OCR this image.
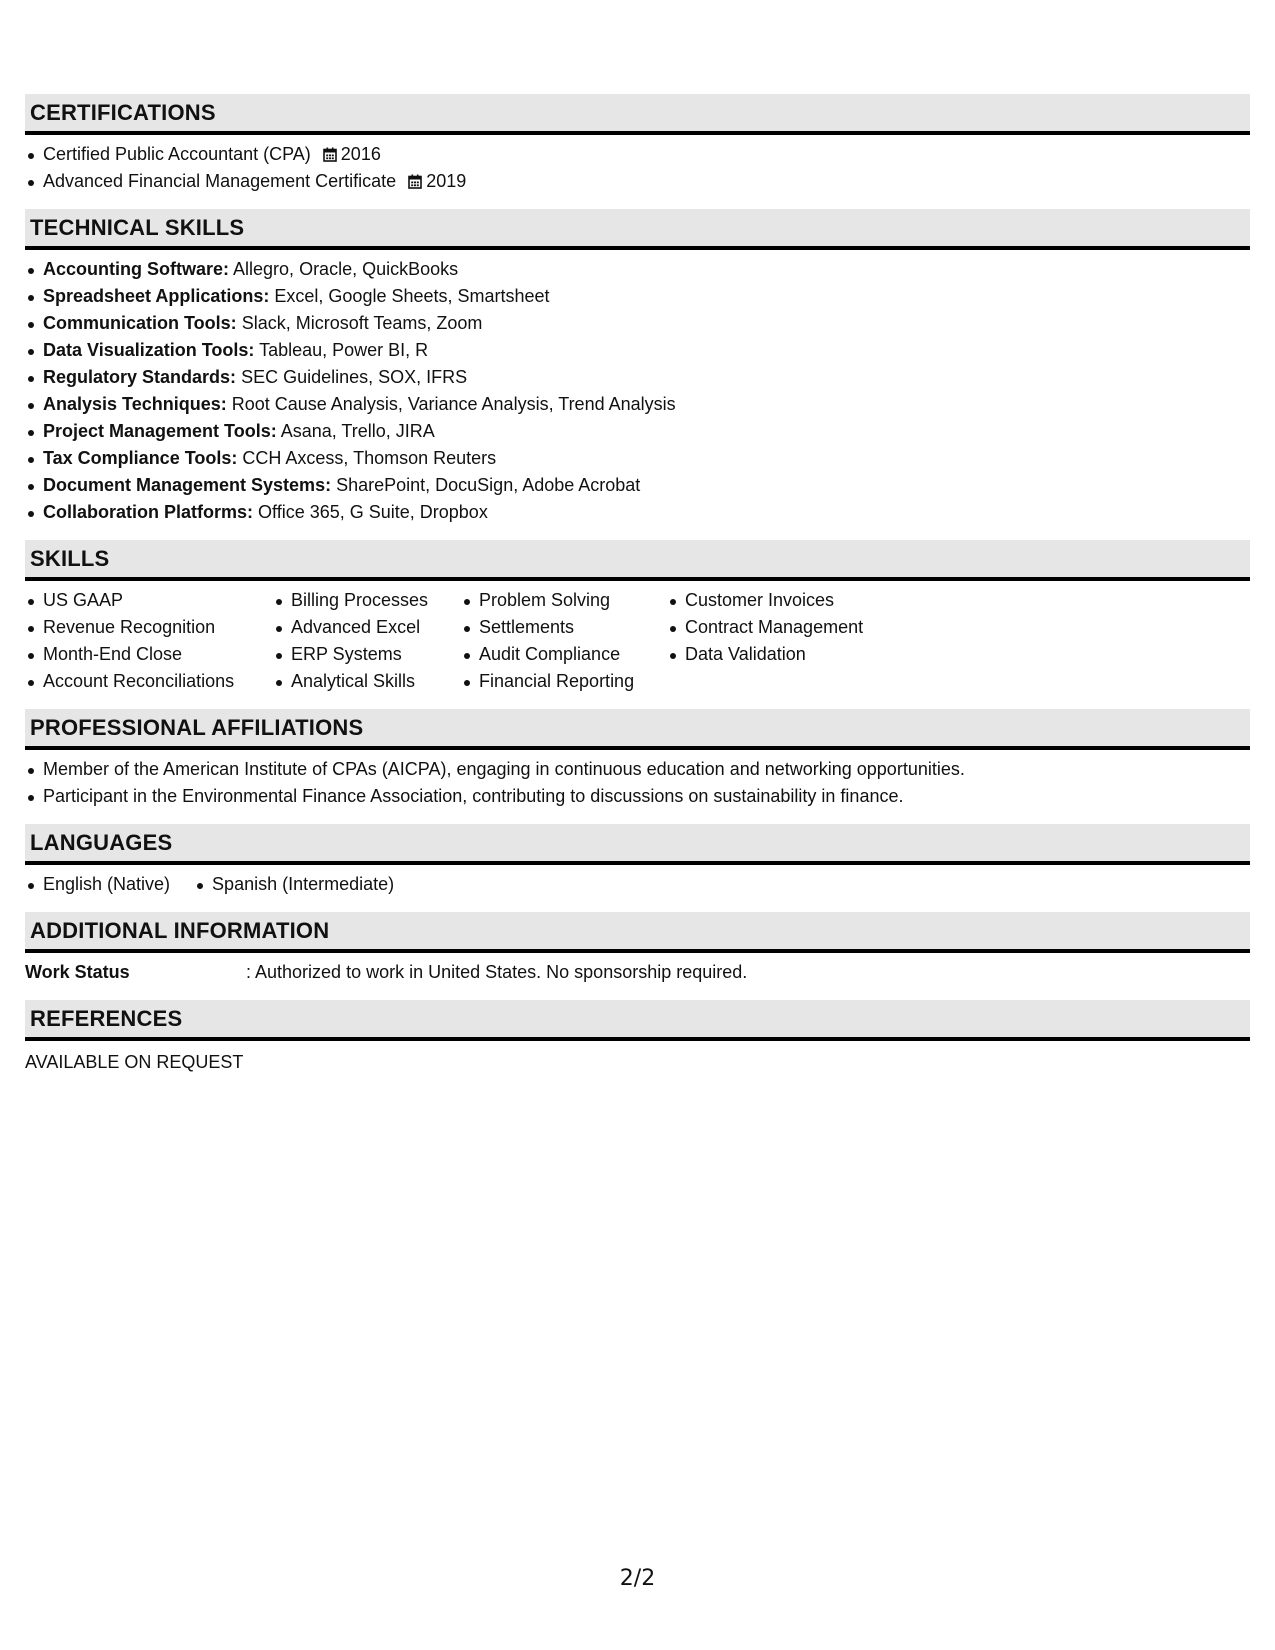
CERTIFICATIONS
Certified Public Accountant (CPA) 2016
Advanced Financial Management Certificate 2019
TECHNICAL SKILLS
Accounting Software: Allegro, Oracle, QuickBooks
Spreadsheet Applications: Excel, Google Sheets, Smartsheet
Communication Tools: Slack, Microsoft Teams, Zoom
Data Visualization Tools: Tableau, Power BI, R
Regulatory Standards: SEC Guidelines, SOX, IFRS
Analysis Techniques: Root Cause Analysis, Variance Analysis, Trend Analysis
Project Management Tools: Asana, Trello, JIRA
Tax Compliance Tools: CCH Axcess, Thomson Reuters
Document Management Systems: SharePoint, DocuSign, Adobe Acrobat
Collaboration Platforms: Office 365, G Suite, Dropbox
SKILLS
US GAAP
Revenue Recognition
Month-End Close
Account Reconciliations
Billing Processes
Advanced Excel
ERP Systems
Analytical Skills
Problem Solving
Settlements
Audit Compliance
Financial Reporting
Customer Invoices
Contract Management
Data Validation
PROFESSIONAL AFFILIATIONS
Member of the American Institute of CPAs (AICPA), engaging in continuous education and networking opportunities.
Participant in the Environmental Finance Association, contributing to discussions on sustainability in finance.
LANGUAGES
English (Native)	Spanish (Intermediate)
ADDITIONAL INFORMATION
Work Status	: Authorized to work in United States. No sponsorship required.
REFERENCES
AVAILABLE ON REQUEST
2/2
